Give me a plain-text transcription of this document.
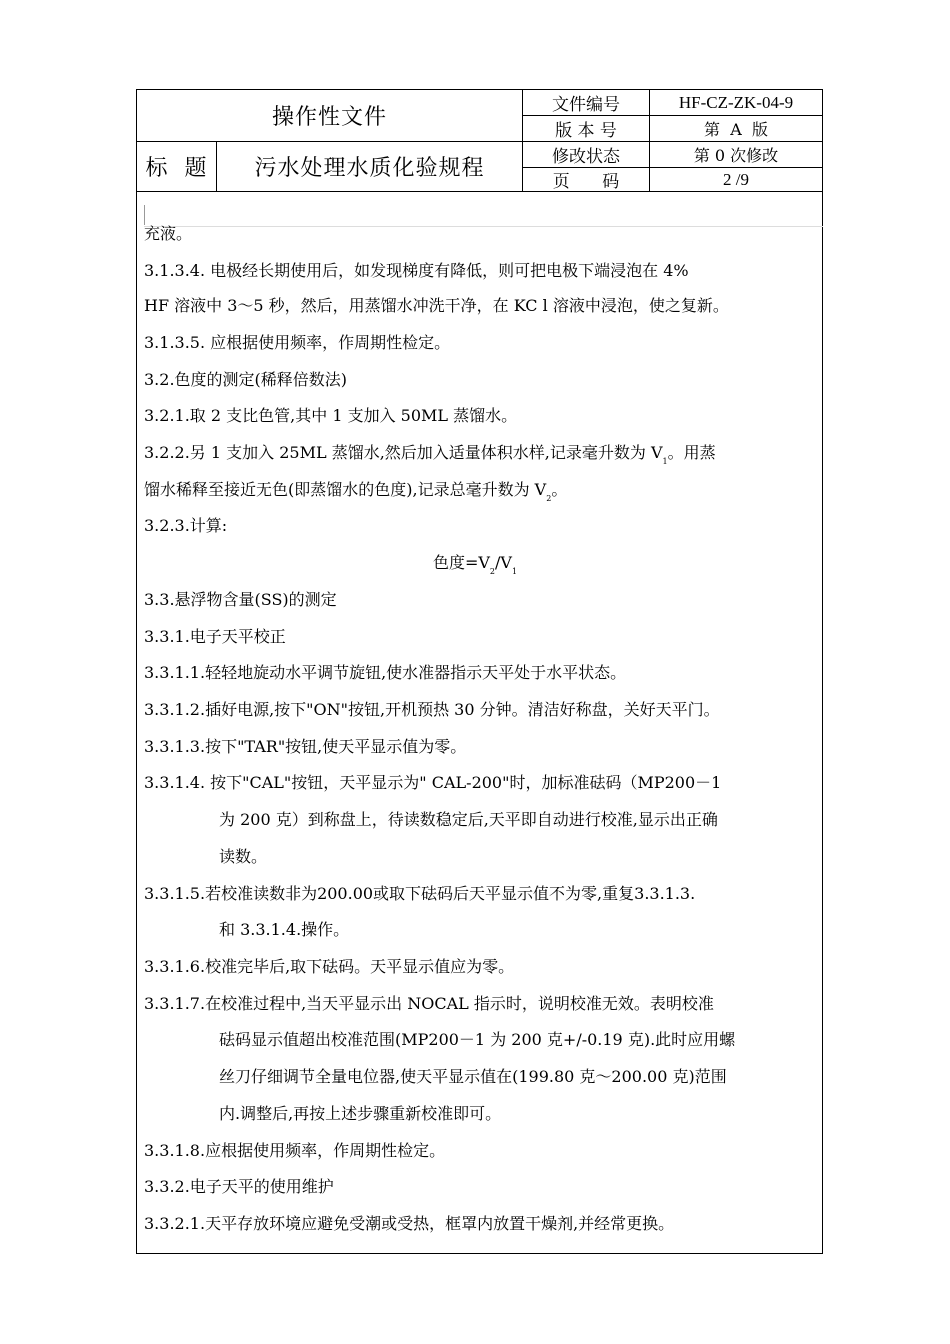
操作性文件
标  题	污水处理水质化验规程
文件编号
版 本 号
修改状态
页      码
HF-CZ-ZK-04-9
第  A  版
第 0 次修改
2 /9
充液。
3.1.3.4. 电极经长期使用后，如发现梯度有降低，则可把电极下端浸泡在 4%
HF 溶液中 3～5 秒，然后，用蒸馏水冲洗干净，在 KC l 溶液中浸泡，使之复新。
3.1.3.5. 应根据使用频率，作周期性检定。
3.2.色度的测定(稀释倍数法)
3.2.1.取 2 支比色管,其中 1 支加入 50ML 蒸馏水。
3.2.2.另 1 支加入 25ML 蒸馏水,然后加入适量体积水样,记录毫升数为 $V_1$。用蒸
馏水稀释至接近无色(即蒸馏水的色度),记录总毫升数为 $V_2$。
3.2.3.计算:
色度$=V_2/V_1$
3.3.悬浮物含量(SS)的测定
3.3.1.电子天平校正
3.3.1.1.轻轻地旋动水平调节旋钮,使水准器指示天平处于水平状态。
3.3.1.2.插好电源,按下"ON"按钮,开机预热 30 分钟。清洁好称盘，关好天平门。
3.3.1.3.按下"TAR"按钮,使天平显示值为零。
3.3.1.4. 按下"CAL"按钮，天平显示为" CAL-200"时，加标准砝码（MP200－1
为 200 克）到称盘上，待读数稳定后,天平即自动进行校准,显示出正确
读数。
3.3.1.5.若校准读数非为200.00或取下砝码后天平显示值不为零,重复3.3.1.3.
和 3.3.1.4.操作。
3.3.1.6.校准完毕后,取下砝码。天平显示值应为零。
3.3.1.7.在校准过程中,当天平显示出 NOCAL 指示时，说明校准无效。表明校准
砝码显示值超出校准范围(MP200－1 为 200 克+/-0.19 克).此时应用螺
丝刀仔细调节全量电位器,使天平显示值在(199.80 克～200.00 克)范围
内.调整后,再按上述步骤重新校准即可。
3.3.1.8.应根据使用频率，作周期性检定。
3.3.2.电子天平的使用维护
3.3.2.1.天平存放环境应避免受潮或受热，框罩内放置干燥剂,并经常更换。
